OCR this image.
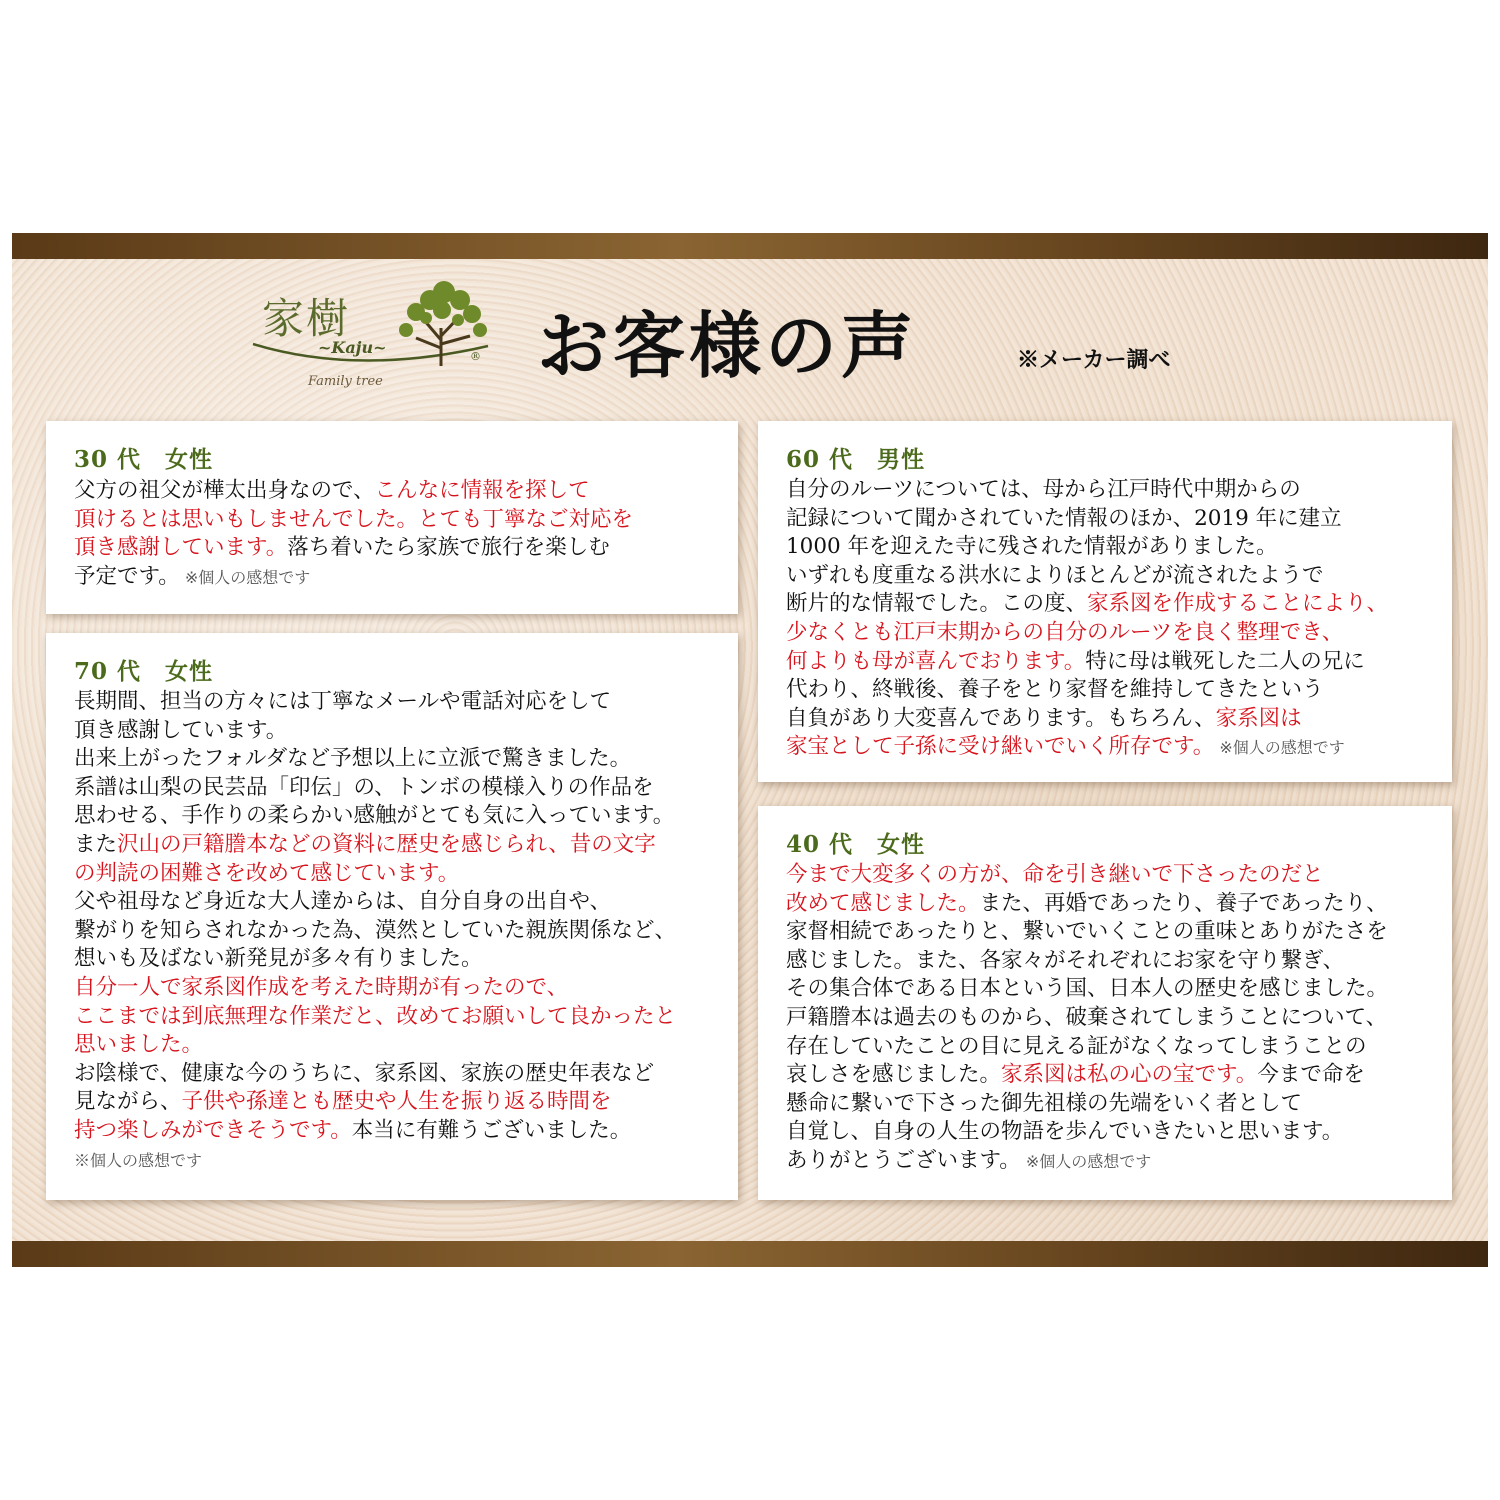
家樹
~Kaju~	®
Family tree お客様の声	※メーカー調べ
30 代　女性
父方の祖父が樺太出身なので、こんなに情報を探して
頂けるとは思いもしませんでした。とても丁寧なご対応を
頂き感謝しています。落ち着いたら家族で旅行を楽しむ
予定です。 ※個人の感想です
70 代　女性
長期間、担当の方々には丁寧なメールや電話対応をして
頂き感謝しています。
出来上がったフォルダなど予想以上に立派で驚きました。
系譜は山梨の民芸品「印伝」の、トンボの模様入りの作品を
思わせる、手作りの柔らかい感触がとても気に入っています。
また沢山の戸籍謄本などの資料に歴史を感じられ、昔の文字
の判読の困難さを改めて感じています。
父や祖母など身近な大人達からは、自分自身の出自や、
繋がりを知らされなかった為、漠然としていた親族関係など、
想いも及ばない新発見が多々有りました。
自分一人で家系図作成を考えた時期が有ったので、
ここまでは到底無理な作業だと、改めてお願いして良かったと
思いました。
お陰様で、健康な今のうちに、家系図、家族の歴史年表など
見ながら、子供や孫達とも歴史や人生を振り返る時間を
持つ楽しみができそうです。本当に有難うございました。
※個人の感想です
60 代　男性
自分のルーツについては、母から江戸時代中期からの
記録について聞かされていた情報のほか、2019 年に建立
1000 年を迎えた寺に残された情報がありました。
いずれも度重なる洪水によりほとんどが流されたようで
断片的な情報でした。この度、家系図を作成することにより、
少なくとも江戸末期からの自分のルーツを良く整理でき、
何よりも母が喜んでおります。特に母は戦死した二人の兄に
代わり、終戦後、養子をとり家督を維持してきたという
自負があり大変喜んであります。もちろん、家系図は
家宝として子孫に受け継いでいく所存です。 ※個人の感想です
40 代　女性
今まで大変多くの方が、命を引き継いで下さったのだと
改めて感じました。また、再婚であったり、養子であったり、
家督相続であったりと、繋いでいくことの重味とありがたさを
感じました。また、各家々がそれぞれにお家を守り繋ぎ、
その集合体である日本という国、日本人の歴史を感じました。
戸籍謄本は過去のものから、破棄されてしまうことについて、
存在していたことの目に見える証がなくなってしまうことの
哀しさを感じました。家系図は私の心の宝です。今まで命を
懸命に繋いで下さった御先祖様の先端をいく者として
自覚し、自身の人生の物語を歩んでいきたいと思います。
ありがとうございます。 ※個人の感想です
